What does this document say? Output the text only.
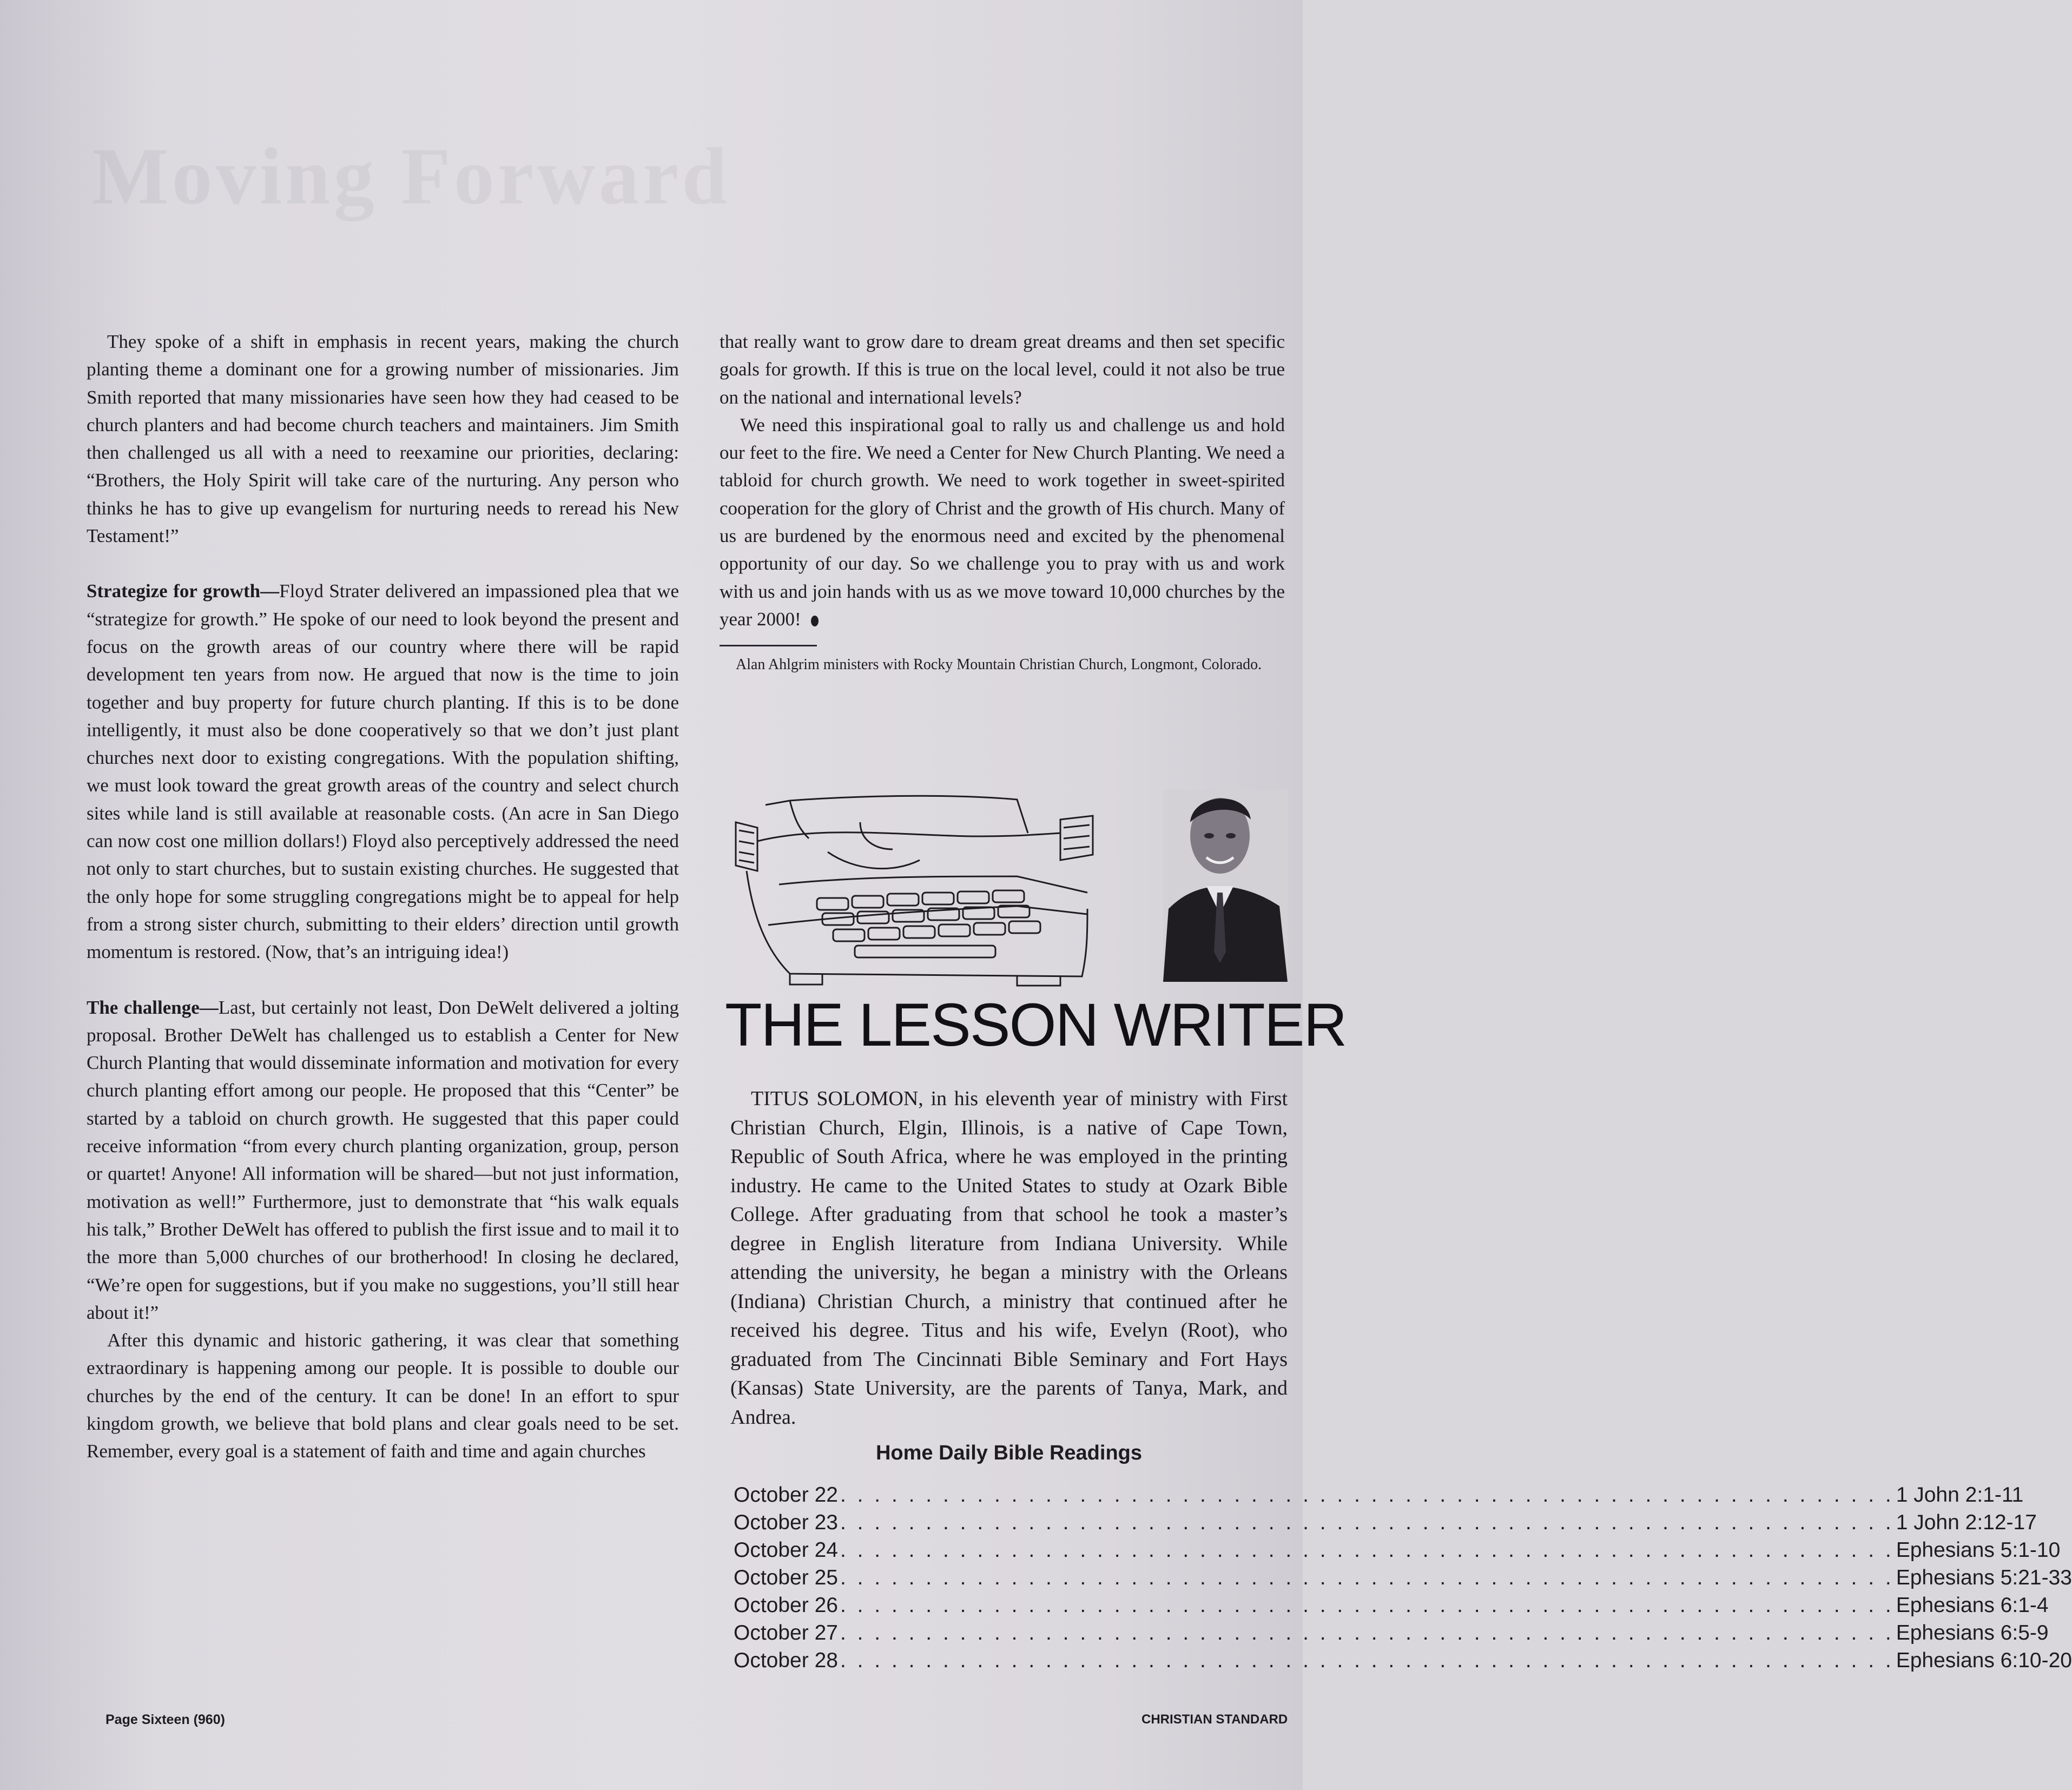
Moving Forward

They spoke of a shift in emphasis in recent years, making the church planting theme a dominant one for a growing number of missionaries. Jim Smith reported that many missionaries have seen how they had ceased to be church planters and had become church teachers and maintainers. Jim Smith then challenged us all with a need to reexamine our priorities, declaring: “Brothers, the Holy Spirit will take care of the nurturing. Any person who thinks he has to give up evangelism for nurturing needs to reread his New Testament!”

Strategize for growth—Floyd Strater delivered an impassioned plea that we “strategize for growth.” He spoke of our need to look beyond the present and focus on the growth areas of our country where there will be rapid development ten years from now. He argued that now is the time to join together and buy property for future church planting. If this is to be done intelligently, it must also be done cooperatively so that we don’t just plant churches next door to existing congregations. With the population shifting, we must look toward the great growth areas of the country and select church sites while land is still available at reasonable costs. (An acre in San Diego can now cost one million dollars!) Floyd also perceptively addressed the need not only to start churches, but to sustain existing churches. He suggested that the only hope for some struggling congregations might be to appeal for help from a strong sister church, submitting to their elders’ direction until growth momentum is restored. (Now, that’s an intriguing idea!)

The challenge—Last, but certainly not least, Don DeWelt delivered a jolting proposal. Brother DeWelt has challenged us to establish a Center for New Church Planting that would disseminate information and motivation for every church planting effort among our people. He proposed that this “Center” be started by a tabloid on church growth. He suggested that this paper could receive information “from every church planting organization, group, person or quartet! Anyone! All information will be shared—but not just information, motivation as well!” Furthermore, just to demonstrate that “his walk equals his talk,” Brother DeWelt has offered to publish the first issue and to mail it to the more than 5,000 churches of our brotherhood! In closing he declared, “We’re open for suggestions, but if you make no suggestions, you’ll still hear about it!”

After this dynamic and historic gathering, it was clear that something extraordinary is happening among our people. It is possible to double our churches by the end of the century. It can be done! In an effort to spur kingdom growth, we believe that bold plans and clear goals need to be set. Remember, every goal is a statement of faith and time and again churches

that really want to grow dare to dream great dreams and then set specific goals for growth. If this is true on the local level, could it not also be true on the national and international levels?

We need this inspirational goal to rally us and challenge us and hold our feet to the fire. We need a Center for New Church Planting. We need a tabloid for church growth. We need to work together in sweet-spirited cooperation for the glory of Christ and the growth of His church. Many of us are burdened by the enormous need and excited by the phenomenal opportunity of our day. So we challenge you to pray with us and work with us and join hands with us as we move toward 10,000 churches by the year 2000!

Alan Ahlgrim ministers with Rocky Mountain Christian Church, Longmont, Colorado.

THE LESSON WRITER

TITUS SOLOMON, in his eleventh year of ministry with First Christian Church, Elgin, Illinois, is a native of Cape Town, Republic of South Africa, where he was employed in the printing industry. He came to the United States to study at Ozark Bible College. After graduating from that school he took a master’s degree in English literature from Indiana University. While attending the university, he began a ministry with the Orleans (Indiana) Christian Church, a ministry that continued after he received his degree. Titus and his wife, Evelyn (Root), who graduated from The Cincinnati Bible Seminary and Fort Hays (Kansas) State University, are the parents of Tanya, Mark, and Andrea.

Home Daily Bible Readings
October 22 . . . . . . . . . . . . . . . . . . . . . . . . . . . . . . . . . . . . . . . . . . . . . . . . . . . . . . . . . . . . . . 1 John 2:1-11
October 23 . . . . . . . . . . . . . . . . . . . . . . . . . . . . . . . . . . . . . . . . . . . . . . . . . . . . . . . . . . . . . . 1 John 2:12-17
October 24 . . . . . . . . . . . . . . . . . . . . . . . . . . . . . . . . . . . . . . . . . . . . . . . . . . . . . . . . . . . . . . Ephesians 5:1-10
October 25 . . . . . . . . . . . . . . . . . . . . . . . . . . . . . . . . . . . . . . . . . . . . . . . . . . . . . . . . . . . . . . Ephesians 5:21-33
October 26 . . . . . . . . . . . . . . . . . . . . . . . . . . . . . . . . . . . . . . . . . . . . . . . . . . . . . . . . . . . . . . Ephesians 6:1-4
October 27 . . . . . . . . . . . . . . . . . . . . . . . . . . . . . . . . . . . . . . . . . . . . . . . . . . . . . . . . . . . . . . Ephesians 6:5-9
October 28 . . . . . . . . . . . . . . . . . . . . . . . . . . . . . . . . . . . . . . . . . . . . . . . . . . . . . . . . . . . . . . Ephesians 6:10-20
Page Sixteen (960)	CHRISTIAN STANDARD
